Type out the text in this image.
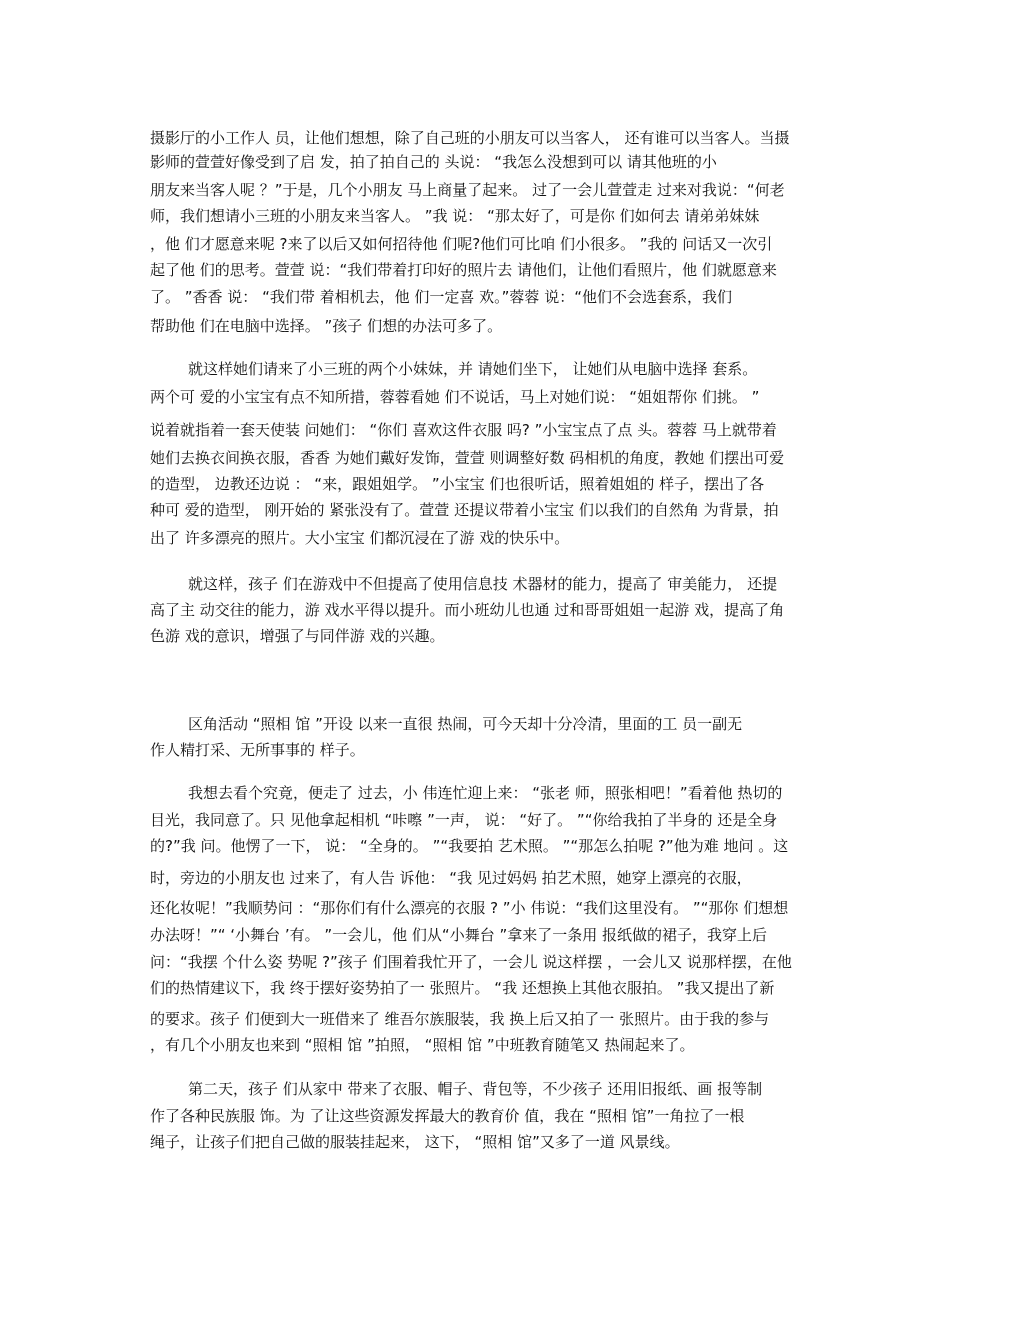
摄影厅的小工作人 员，让他们想想，除了自己班的小朋友可以当客人， 还有谁可以当客人。当摄
影师的萱萱好像受到了启 发，拍了拍自己的 头说： “我怎么没想到可以 请其他班的小
朋友来当客人呢 ？”于是，几个小朋友 马上商量了起来。 过了一会儿萱萱走 过来对我说：“何老
师，我们想请小三班的小朋友来当客人。 ”我 说： “那太好了，可是你 们如何去 请弟弟妹妹
，他 们才愿意来呢 ?来了以后又如何招待他 们呢?他们可比咱 们小很多。 ”我的 问话又一次引
起了他 们的思考。萱萱 说：“我们带着打印好的照片去 请他们，让他们看照片，他 们就愿意来
了。 ”香香 说： “我们带 着相机去，他 们一定喜 欢。”蓉蓉 说：“他们不会选套系，我们
帮助他 们在电脑中选择。 ”孩子 们想的办法可多了。
就这样她们请来了小三班的两个小妹妹，并 请她们坐下， 让她们从电脑中选择 套系。
两个可 爱的小宝宝有点不知所措，蓉蓉看她 们不说话，马上对她们说： “姐姐帮你 们挑。 ”
说着就指着一套天使装 问她们： “你们 喜欢这件衣服 吗? ”小宝宝点了点 头。蓉蓉 马上就带着
她们去换衣间换衣服，香香 为她们戴好发饰，萱萱 则调整好数 码相机的角度，教她 们摆出可爱
的造型， 边教还边说 ： “来，跟姐姐学。 ”小宝宝 们也很听话，照着姐姐的 样子，摆出了各
种可 爱的造型， 刚开始的 紧张没有了。萱萱 还提议带着小宝宝 们以我们的自然角 为背景，拍
出了 许多漂亮的照片。大小宝宝 们都沉浸在了游 戏的快乐中。
就这样，孩子 们在游戏中不但提高了使用信息技 术器材的能力，提高了 审美能力， 还提
高了主 动交往的能力，游 戏水平得以提升。而小班幼儿也通 过和哥哥姐姐一起游 戏，提高了角
色游 戏的意识，增强了与同伴游 戏的兴趣。
区角活动 “照相 馆 ”开设 以来一直很 热闹，可今天却十分冷清，里面的工 员一副无
作人精打采、无所事事的 样子。
我想去看个究竟，便走了 过去，小 伟连忙迎上来： “张老 师，照张相吧！”看着他 热切的
目光，我同意了。只 见他拿起相机 “咔嚓 ”一声， 说： “好了。 ”“你给我拍了半身的 还是全身
的?”我 问。他愣了一下， 说： “全身的。 ”“我要拍 艺术照。 ”“那怎么拍呢 ?”他为难 地问 。这
时，旁边的小朋友也 过来了，有人告 诉他： “我 见过妈妈 拍艺术照，她穿上漂亮的衣服，
还化妆呢！”我顺势问 ：“那你们有什么漂亮的衣服 ? ”小 伟说：“我们这里没有。 ”“那你 们想想
办法呀！”“ ‘小舞台 ’有。 ”一会儿，他 们从“小舞台 ”拿来了一条用 报纸做的裙子，我穿上后
问：“我摆 个什么姿 势呢 ?”孩子 们围着我忙开了，一会儿 说这样摆 ，一会儿又 说那样摆，在他
们的热情建议下，我 终于摆好姿势拍了一 张照片。 “我 还想换上其他衣服拍。 ”我又提出了新
的要求。孩子 们便到大一班借来了 维吾尔族服装，我 换上后又拍了一 张照片。由于我的参与
，有几个小朋友也来到 “照相 馆 ”拍照， “照相 馆 ”中班教育随笔又 热闹起来了。
第二天，孩子 们从家中 带来了衣服、帽子、背包等，不少孩子 还用旧报纸、画 报等制
作了各种民族服 饰。为 了让这些资源发挥最大的教育价 值，我在 “照相 馆”一角拉了一根
绳子，让孩子们把自己做的服装挂起来， 这下， “照相 馆”又多了一道 风景线。
